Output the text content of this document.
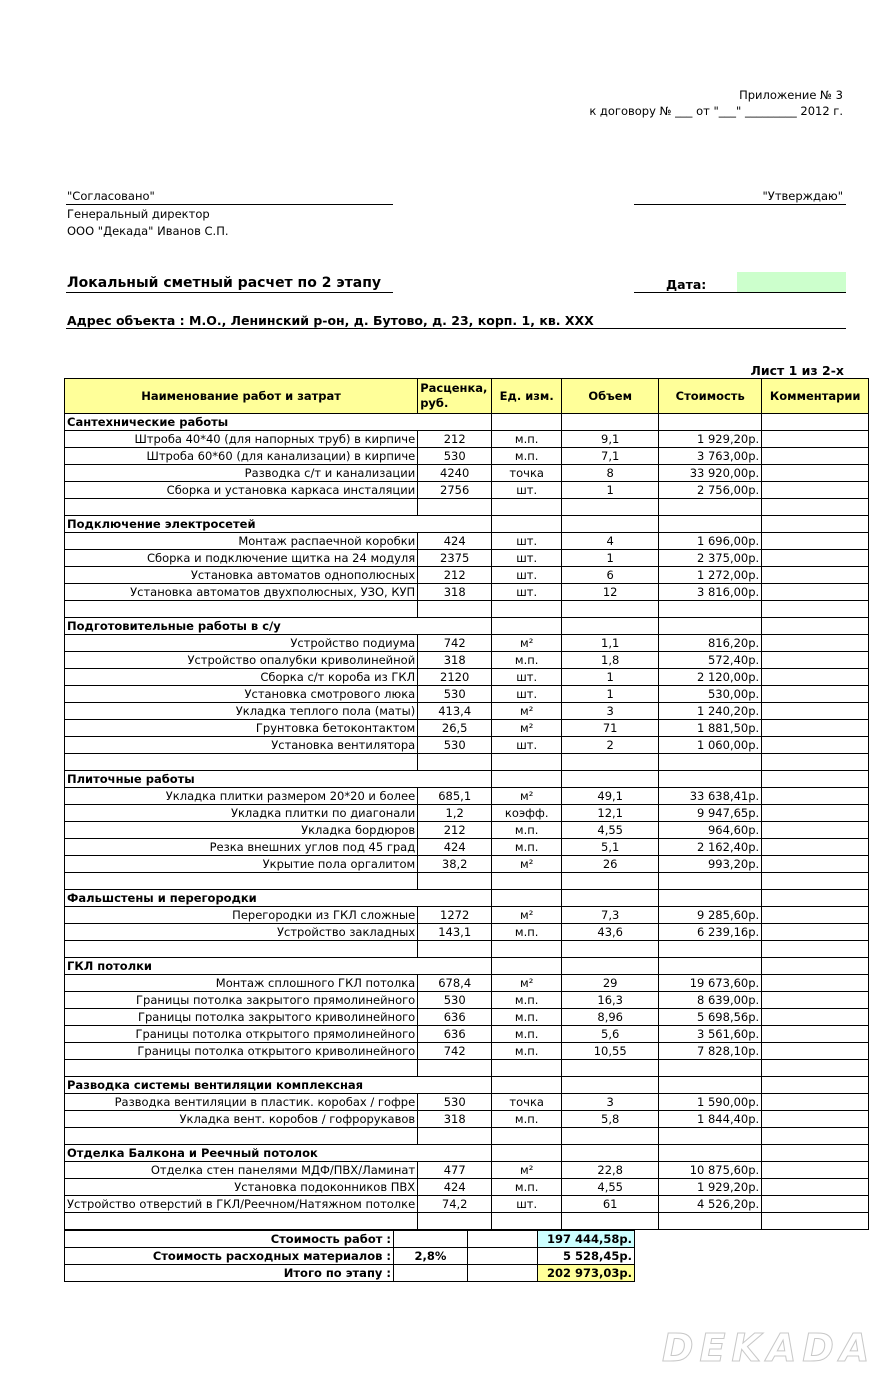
Приложение № 3
к договору № ___ от "___" _________ 2012 г.
"Согласовано"	"Утверждаю"
Генеральный директор
ООО "Декада" Иванов С.П.
Локальный сметный расчет по 2 этапу	Дата:
Адрес объекта : М.О., Ленинский р-он, д. Бутово, д. 23, корп. 1, кв. XXX
Лист 1 из 2-х
Наименование работ и затрат	Расценка, руб.	Ед. изм.	Объем	Стоимость	Комментарии
Сантехнические работы					
Штроба 40*40 (для напорных труб) в кирпиче	212	м.п.	9,1	1 929,20р.	
Штроба 60*60 (для канализации) в кирпиче	530	м.п.	7,1	3 763,00р.	
Разводка с/т и канализации	4240	точка	8	33 920,00р.	
Сборка и установка каркаса инсталяции	2756	шт.	1	2 756,00р.	

Подключение электросетей					
Монтаж распаечной коробки	424	шт.	4	1 696,00р.	
Сборка и подключение щитка на 24 модуля	2375	шт.	1	2 375,00р.	
Установка автоматов однополюсных	212	шт.	6	1 272,00р.	
Установка автоматов двухполюсных, УЗО, КУП	318	шт.	12	3 816,00р.	

Подготовительные работы в с/у					
Устройство подиума	742	м²	1,1	816,20р.	
Устройство опалубки криволинейной	318	м.п.	1,8	572,40р.	
Сборка с/т короба из ГКЛ	2120	шт.	1	2 120,00р.	
Установка смотрового люка	530	шт.	1	530,00р.	
Укладка теплого пола (маты)	413,4	м²	3	1 240,20р.	
Грунтовка бетоконтактом	26,5	м²	71	1 881,50р.	
Установка вентилятора	530	шт.	2	1 060,00р.	

Плиточные работы					
Укладка плитки размером 20*20 и более	685,1	м²	49,1	33 638,41р.	
Укладка плитки по диагонали	1,2	коэфф.	12,1	9 947,65р.	
Укладка бордюров	212	м.п.	4,55	964,60р.	
Резка внешних углов под 45 град	424	м.п.	5,1	2 162,40р.	
Укрытие пола оргалитом	38,2	м²	26	993,20р.	

Фальшстены и перегородки					
Перегородки из ГКЛ сложные	1272	м²	7,3	9 285,60р.	
Устройство закладных	143,1	м.п.	43,6	6 239,16р.	

ГКЛ потолки					
Монтаж сплошного ГКЛ потолка	678,4	м²	29	19 673,60р.	
Границы потолка закрытого прямолинейного	530	м.п.	16,3	8 639,00р.	
Границы потолка закрытого криволинейного	636	м.п.	8,96	5 698,56р.	
Границы потолка открытого прямолинейного	636	м.п.	5,6	3 561,60р.	
Границы потолка открытого криволинейного	742	м.п.	10,55	7 828,10р.	

Разводка системы вентиляции комплексная					
Разводка вентиляции в пластик. коробах / гофре	530	точка	3	1 590,00р.	
Укладка вент. коробов / гофрорукавов	318	м.п.	5,8	1 844,40р.	

Отделка Балкона и Реечный потолок					
Отделка стен панелями МДФ/ПВХ/Ламинат	477	м²	22,8	10 875,60р.	
Установка подоконников ПВХ	424	м.п.	4,55	1 929,20р.	
Устройство отверстий в ГКЛ/Реечном/Натяжном потолке	74,2	шт.	61	4 526,20р.	

Стоимость работ :			197 444,58р.
Стоимость расходных материалов :	2,8%		5 528,45р.
Итого по этапу :			202 973,03р.
DEKADA
